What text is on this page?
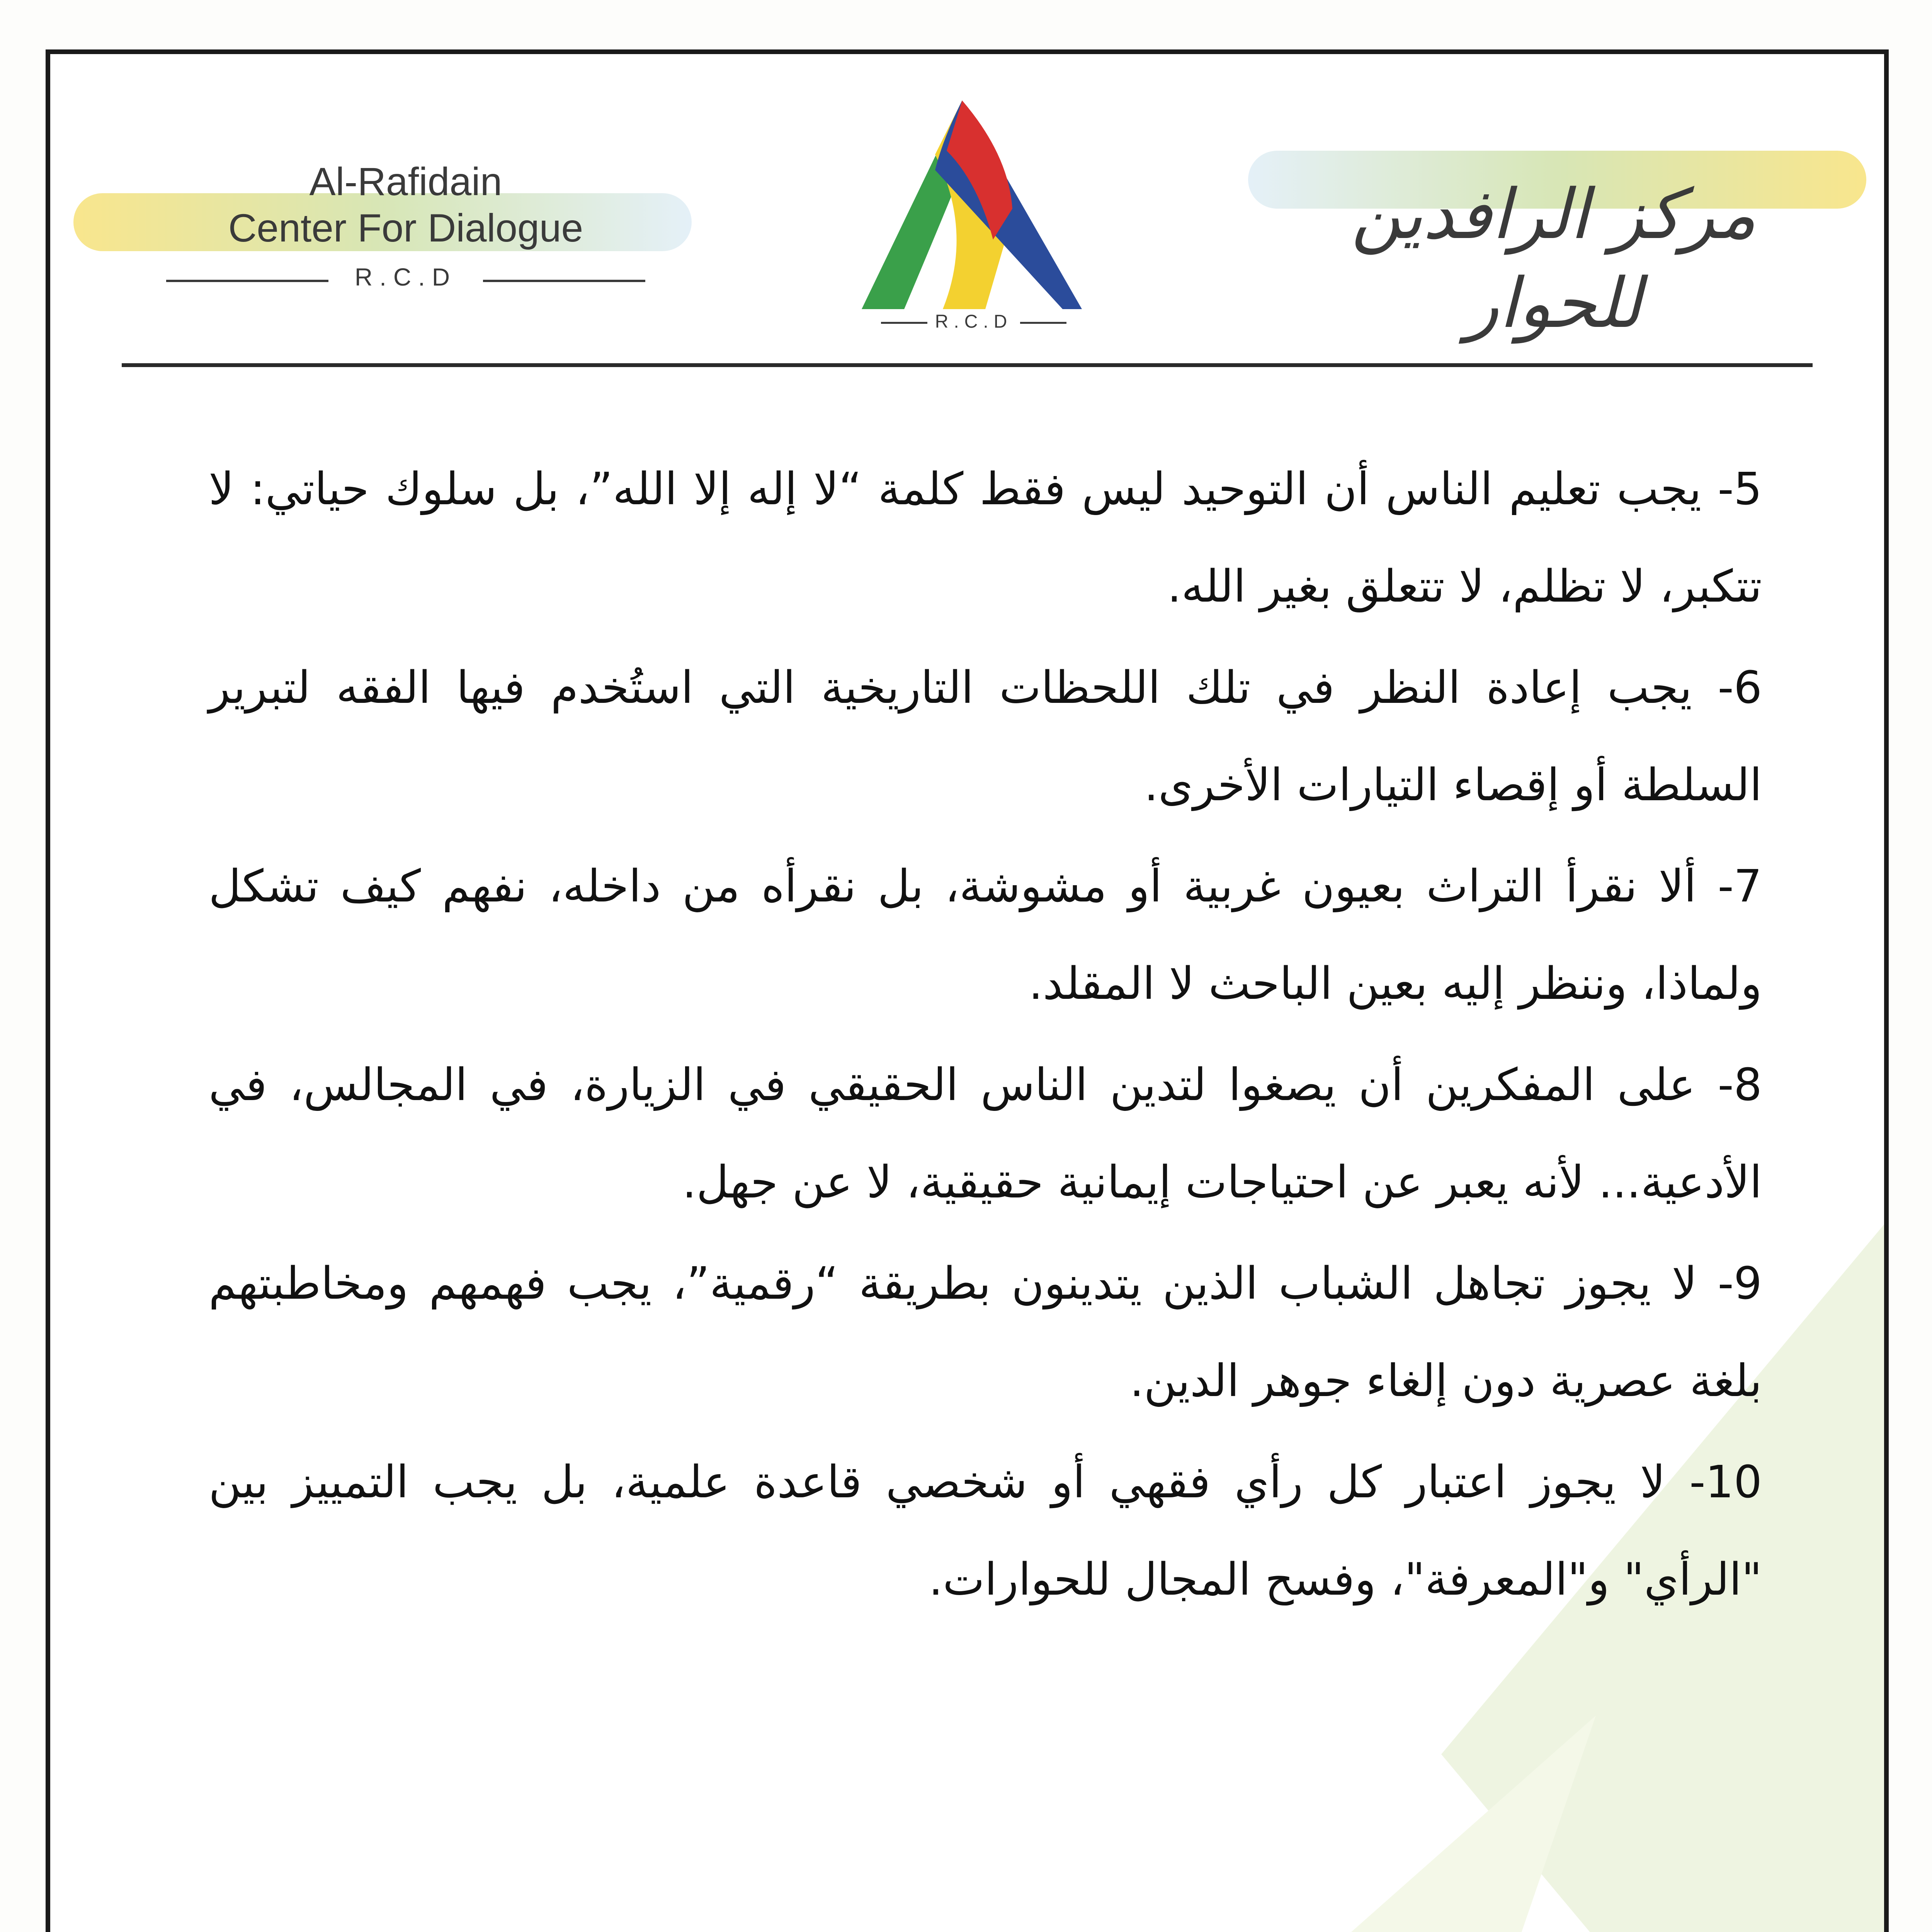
Al-Rafidain
Center For Dialogue
R.C.D
R.C.D
مركز الرافدين للحوار

5- يجب تعليم الناس أن التوحيد ليس فقط كلمة “لا إله إلا الله”، بل سلوك حياتي: لا تتكبر، لا تظلم، لا تتعلق بغير الله.

6- يجب إعادة النظر في تلك اللحظات التاريخية التي استُخدم فيها الفقه لتبرير السلطة أو إقصاء التيارات الأخرى.

7- ألا نقرأ التراث بعيون غربية أو مشوشة، بل نقرأه من داخله، نفهم كيف تشكل ولماذا، وننظر إليه بعين الباحث لا المقلد.

8- على المفكرين أن يصغوا لتدين الناس الحقيقي في الزيارة، في المجالس، في الأدعية... لأنه يعبر عن احتياجات إيمانية حقيقية، لا عن جهل.

9- لا يجوز تجاهل الشباب الذين يتدينون بطريقة “رقمية”، يجب فهمهم ومخاطبتهم بلغة عصرية دون إلغاء جوهر الدين.

10- لا يجوز اعتبار كل رأي فقهي أو شخصي قاعدة علمية، بل يجب التمييز بين "الرأي" و"المعرفة"، وفسح المجال للحوارات.
